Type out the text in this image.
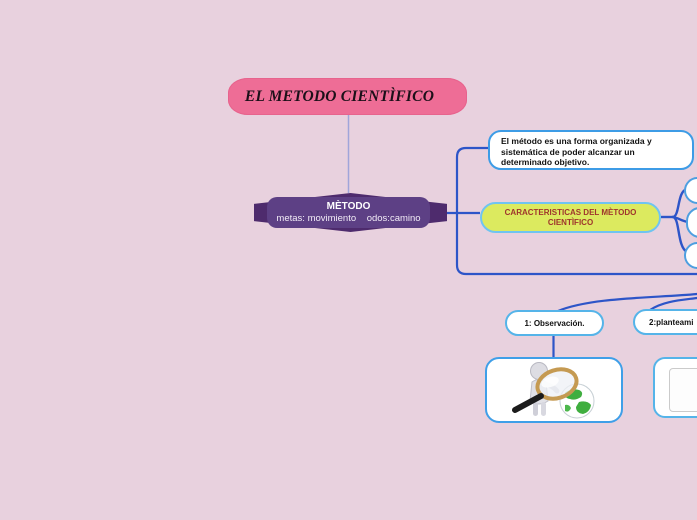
EL METODO CIENTÌFICO
MÈTODO
metas: movimiento    odos:camino
El método es una forma organizada y
sistemática de poder alcanzar un
determinado objetivo.
CARACTERISTICAS DEL MÈTODO
CIENTÌFICO
1: Observación.	2:planteami
